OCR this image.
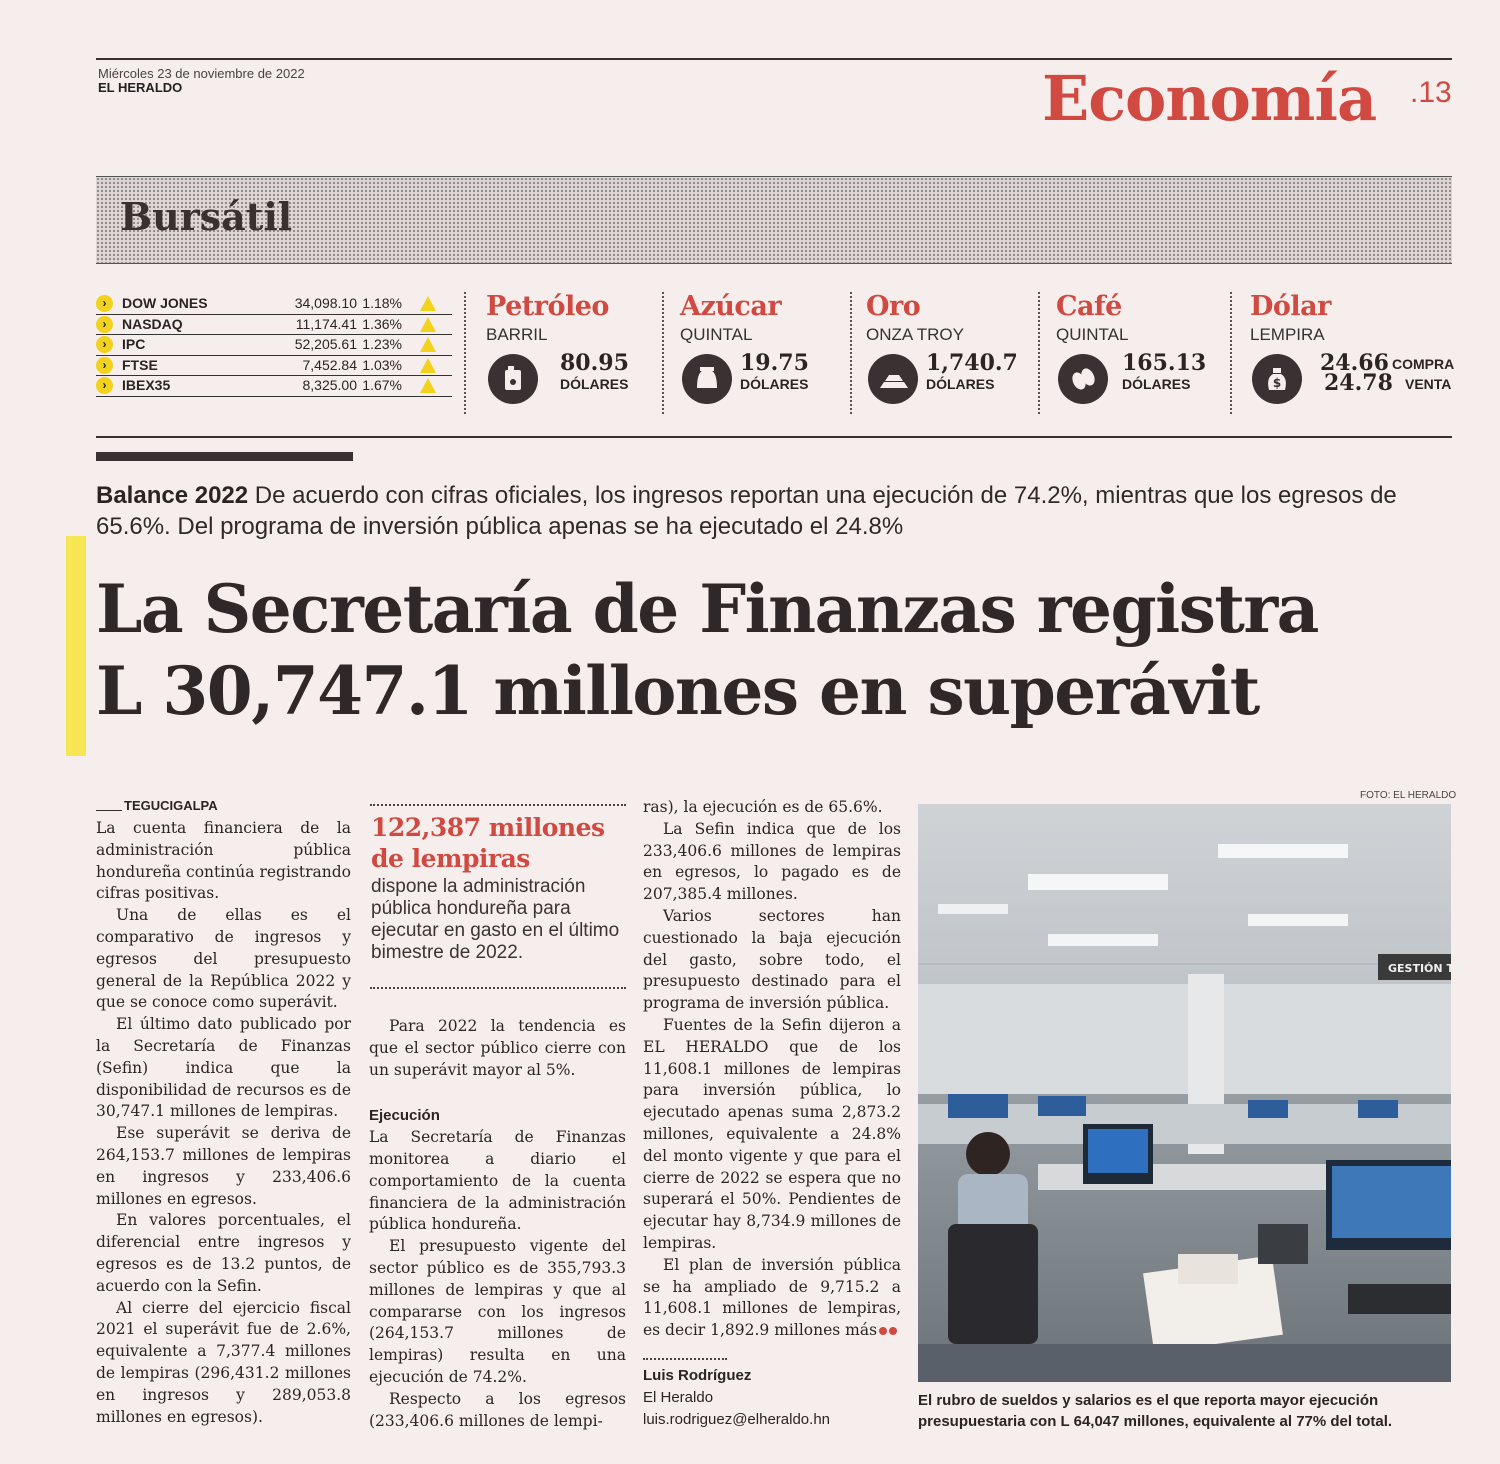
Miércoles 23 de noviembre de 2022
EL HERALDO	Economía .13
Bursátil
›	DOW JONES	34,098.10 1.18%
›	NASDAQ	11,174.41 1.36%
›	IPC	52,205.61 1.23%
›	FTSE	7,452.84 1.03%
›	IBEX35	8,325.00 1.67%
Petróleo
BARRIL
80.95
DÓLARES
Azúcar
QUINTAL
19.75
DÓLARES
Oro
ONZA TROY
1,740.7
DÓLARES
Café
QUINTAL
165.13
DÓLARES
Dólar
LEMPIRA
$
24.66 COMPRA
24.78 VENTA
Balance 2022 De acuerdo con cifras oficiales, los ingresos reportan una ejecución de 74.2%, mientras que los egresos de 65.6%. Del programa de inversión pública apenas se ha ejecutado el 24.8%
La Secretaría de Finanzas registra
L 30,747.1 millones en superávit
TEGUCIGALPA

La cuenta financiera de la administración pública hondureña continúa registrando cifras positivas.

Una de ellas es el comparativo de ingresos y egresos del presupuesto general de la República 2022 y que se conoce como superávit.

El último dato publicado por la Secretaría de Finanzas (Sefin) indica que la disponibilidad de recursos es de 30,747.1 millones de lempiras.

Ese superávit se deriva de 264,153.7 millones de lempiras en ingresos y 233,406.6 millones en egresos.

En valores porcentuales, el diferencial entre ingresos y egresos es de 13.2 puntos, de acuerdo con la Sefin.

Al cierre del ejercicio fiscal 2021 el superávit fue de 2.6%, equivalente a 7,377.4 millones de lempiras (296,431.2 millones en ingresos y 289,053.8 millones en egresos).

122,387 millones de lempiras
dispone la administración pública hondureña para ejecutar en gasto en el último bimestre de 2022.

Para 2022 la tendencia es que el sector público cierre con un superávit mayor al 5%.

Ejecución

La Secretaría de Finanzas monitorea a diario el comportamiento de la cuenta financiera de la administración pública hondureña.

El presupuesto vigente del sector público es de 355,793.3 millones de lempiras y que al compararse con los ingresos (264,153.7 millones de lempiras) resulta en una ejecución de 74.2%.

Respecto a los egresos (233,406.6 millones de lempi-

ras), la ejecución es de 65.6%.

La Sefin indica que de los 233,406.6 millones de lempiras en egresos, lo pagado es de 207,385.4 millones.

Varios sectores han cuestionado la baja ejecución del gasto, sobre todo, el presupuesto destinado para el programa de inversión pública.

Fuentes de la Sefin dijeron a EL HERALDO que de los 11,608.1 millones de lempiras para inversión pública, lo ejecutado apenas suma 2,873.2 millones, equivalente a 24.8% del monto vigente y que para el cierre de 2022 se espera que no superará el 50%. Pendientes de ejecutar hay 8,734.9 millones de lempiras.

El plan de inversión pública se ha ampliado de 9,715.2 a 11,608.1 millones de lempiras, es decir 1,892.9 millones más

Luis Rodríguez
El Heraldo
luis.rodriguez@elheraldo.hn
FOTO: EL HERALDO
GESTIÓN TR
El rubro de sueldos y salarios es el que reporta mayor ejecución presupuestaria con L 64,047 millones, equivalente al 77% del total.
